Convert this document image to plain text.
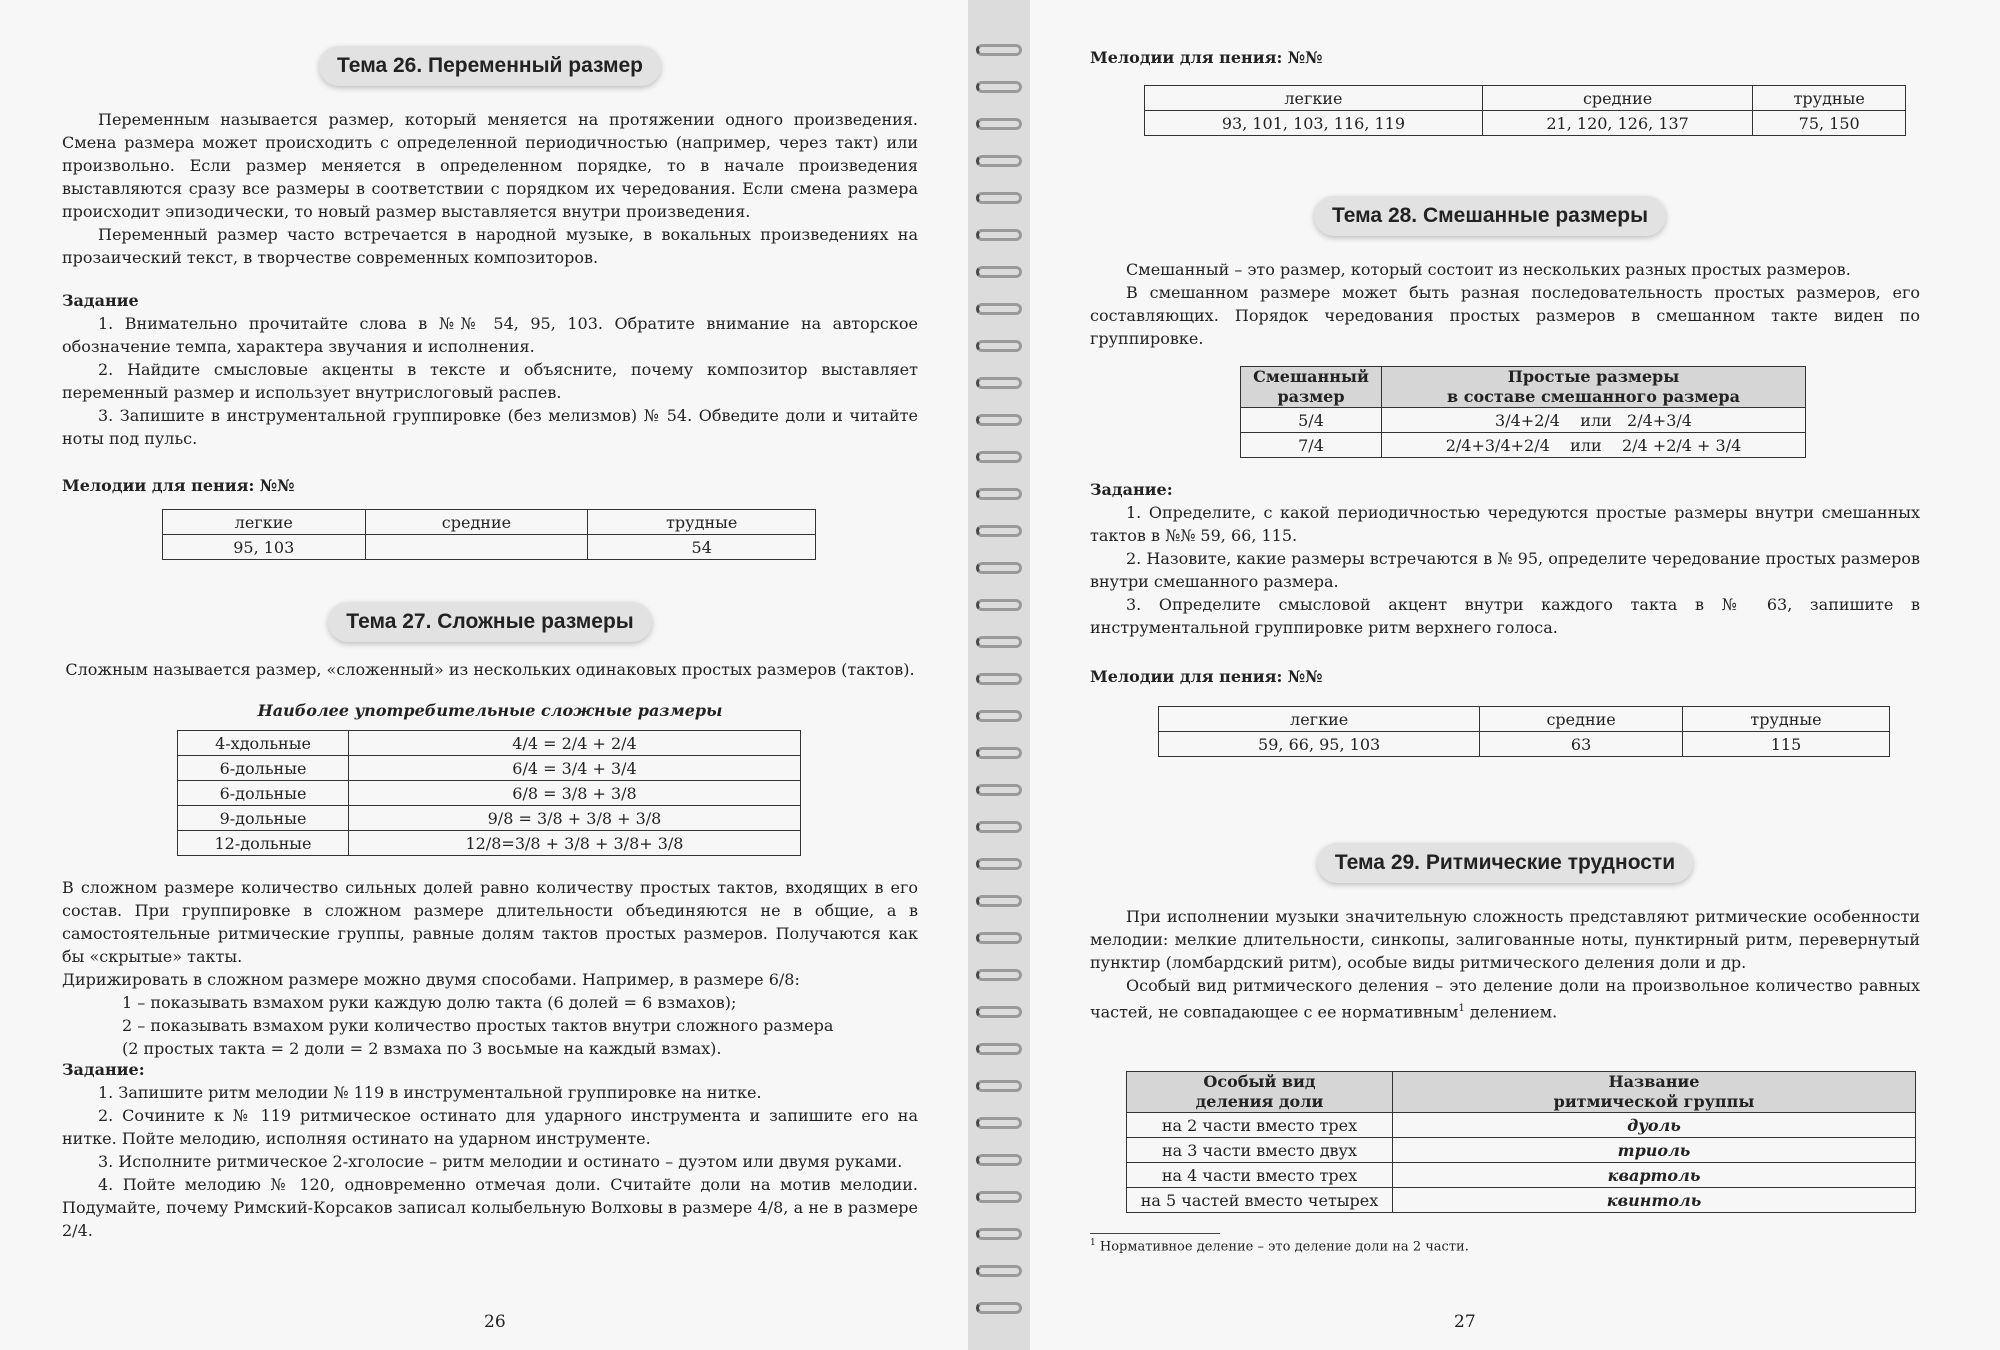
Тема 26. Переменный размер

Переменным называется размер, который меняется на протяжении одного произведения. Смена размера может происходить с определенной периодичностью (например, через такт) или произвольно. Если размер меняется в определенном порядке, то в начале произведения выставляются сразу все размеры в соответствии с порядком их чередования. Если смена размера происходит эпизодически, то новый размер выставляется внутри произведения.

Переменный размер часто встречается в народной музыке, в вокальных произведениях на прозаический текст, в творчестве современных композиторов.

Задание

1. Внимательно прочитайте слова в №№ 54, 95, 103. Обратите внимание на авторское обозначение темпа, характера звучания и исполнения.

2. Найдите смысловые акценты в тексте и объясните, почему композитор выставляет переменный размер и использует внутрислоговый распев.

3. Запишите в инструментальной группировке (без мелизмов) № 54. Обведите доли и читайте ноты под пульс.

Мелодии для пения: №№
легкие	средние	трудные
95, 103		54
Тема 27. Сложные размеры

Сложным называется размер, «сложенный» из нескольких одинаковых простых размеров (тактов).

Наиболее употребительные сложные размеры
4-хдольные	4/4 = 2/4 + 2/4
6-дольные	6/4 = 3/4 + 3/4
6-дольные	6/8 = 3/8 + 3/8
9-дольные	9/8 = 3/8 + 3/8 + 3/8
12-дольные	12/8=3/8 + 3/8 + 3/8+ 3/8

В сложном размере количество сильных долей равно количеству простых тактов, входящих в его состав. При группировке в сложном размере длительности объединяются не в общие, а в самостоятельные ритмические группы, равные долям тактов простых размеров. Получаются как бы «скрытые» такты.

Дирижировать в сложном размере можно двумя способами. Например, в размере 6/8:

1 – показывать взмахом руки каждую долю такта (6 долей = 6 взмахов);

2 – показывать взмахом руки количество простых тактов внутри сложного размера

(2 простых такта = 2 доли = 2 взмаха по 3 восьмые на каждый взмах).

Задание:

1. Запишите ритм мелодии № 119 в инструментальной группировке на нитке.

2. Сочините к № 119 ритмическое остинато для ударного инструмента и запишите его на нитке. Пойте мелодию, исполняя остинато на ударном инструменте.

3. Исполните ритмическое 2-хголосие – ритм мелодии и остинато – дуэтом или двумя руками.

4. Пойте мелодию № 120, одновременно отмечая доли. Считайте доли на мотив мелодии. Подумайте, почему Римский-Корсаков записал колыбельную Волховы в размере 4/8, а не в размере 2/4.

26
Мелодии для пения: №№
легкие	средние	трудные
93, 101, 103, 116, 119	21, 120, 126, 137	75, 150
Тема 28. Смешанные размеры

Смешанный – это размер, который состоит из нескольких разных простых размеров.

В смешанном размере может быть разная последовательность простых размеров, его составляющих. Порядок чередования простых размеров в смешанном такте виден по группировке.

Смешанный
размер	Простые размеры
в составе смешанного размера
5/4	3/4+2/4    или   2/4+3/4
7/4	2/4+3/4+2/4    или    2/4 +2/4 + 3/4
Задание:

1. Определите, с какой периодичностью чередуются простые размеры внутри смешанных тактов в №№ 59, 66, 115.

2. Назовите, какие размеры встречаются в № 95, определите чередование простых размеров внутри смешанного размера.

3. Определите смысловой акцент внутри каждого такта в № 63, запишите в инструментальной группировке ритм верхнего голоса.

Мелодии для пения: №№
легкие	средние	трудные
59, 66, 95, 103	63	115
Тема 29. Ритмические трудности

При исполнении музыки значительную сложность представляют ритмические особенности мелодии: мелкие длительности, синкопы, залигованные ноты, пунктирный ритм, перевернутый пунктир (ломбардский ритм), особые виды ритмического деления доли и др.

Особый вид ритмического деления – это деление доли на произвольное количество равных частей, не совпадающее с ее нормативным$^1$ делением.

Особый вид
деления доли	Название
ритмической группы
на 2 части вместо трех	дуоль
на 3 части вместо двух	триоль
на 4 части вместо трех	квартоль
на 5 частей вместо четырех	квинтоль
$^1$ Нормативное деление – это деление доли на 2 части.
27
